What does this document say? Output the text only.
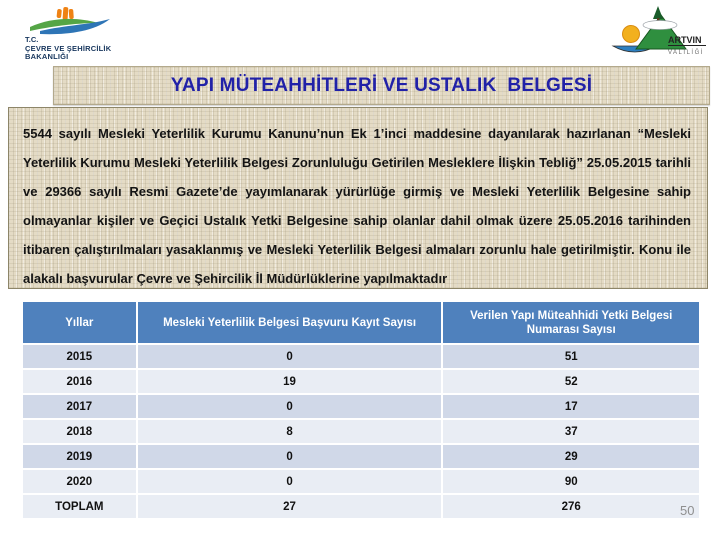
T.C.
ÇEVRE VE ŞEHİRCİLİK
BAKANLIĞI
ARTVIN
VALİLİĞİ
YAPI MÜTEAHHİTLERİ VE USTALIK  BELGESİ
5544 sayılı Mesleki Yeterlilik Kurumu Kanunu’nun Ek 1’inci maddesine dayanılarak hazırlanan “Mesleki Yeterlilik Kurumu Mesleki Yeterlilik Belgesi Zorunluluğu Getirilen Mesleklere İlişkin Tebliğ” 25.05.2015 tarihli ve 29366 sayılı Resmi Gazete’de yayımlanarak yürürlüğe girmiş ve Mesleki Yeterlilik Belgesine sahip olmayanlar kişiler ve Geçici Ustalık Yetki Belgesine sahip olanlar dahil olmak üzere 25.05.2016 tarihinden itibaren çalıştırılmaları yasaklanmış ve Mesleki Yeterlilik Belgesi almaları zorunlu hale getirilmiştir. Konu ile alakalı başvurular Çevre ve Şehircilik İl Müdürlüklerine yapılmaktadır
Yıllar	Mesleki Yeterlilik Belgesi Başvuru Kayıt Sayısı	Verilen Yapı Müteahhidi Yetki Belgesi Numarası Sayısı
2015	0	51
2016	19	52
2017	0	17
2018	8	37
2019	0	29
2020	0	90
TOPLAM	27	276	50
